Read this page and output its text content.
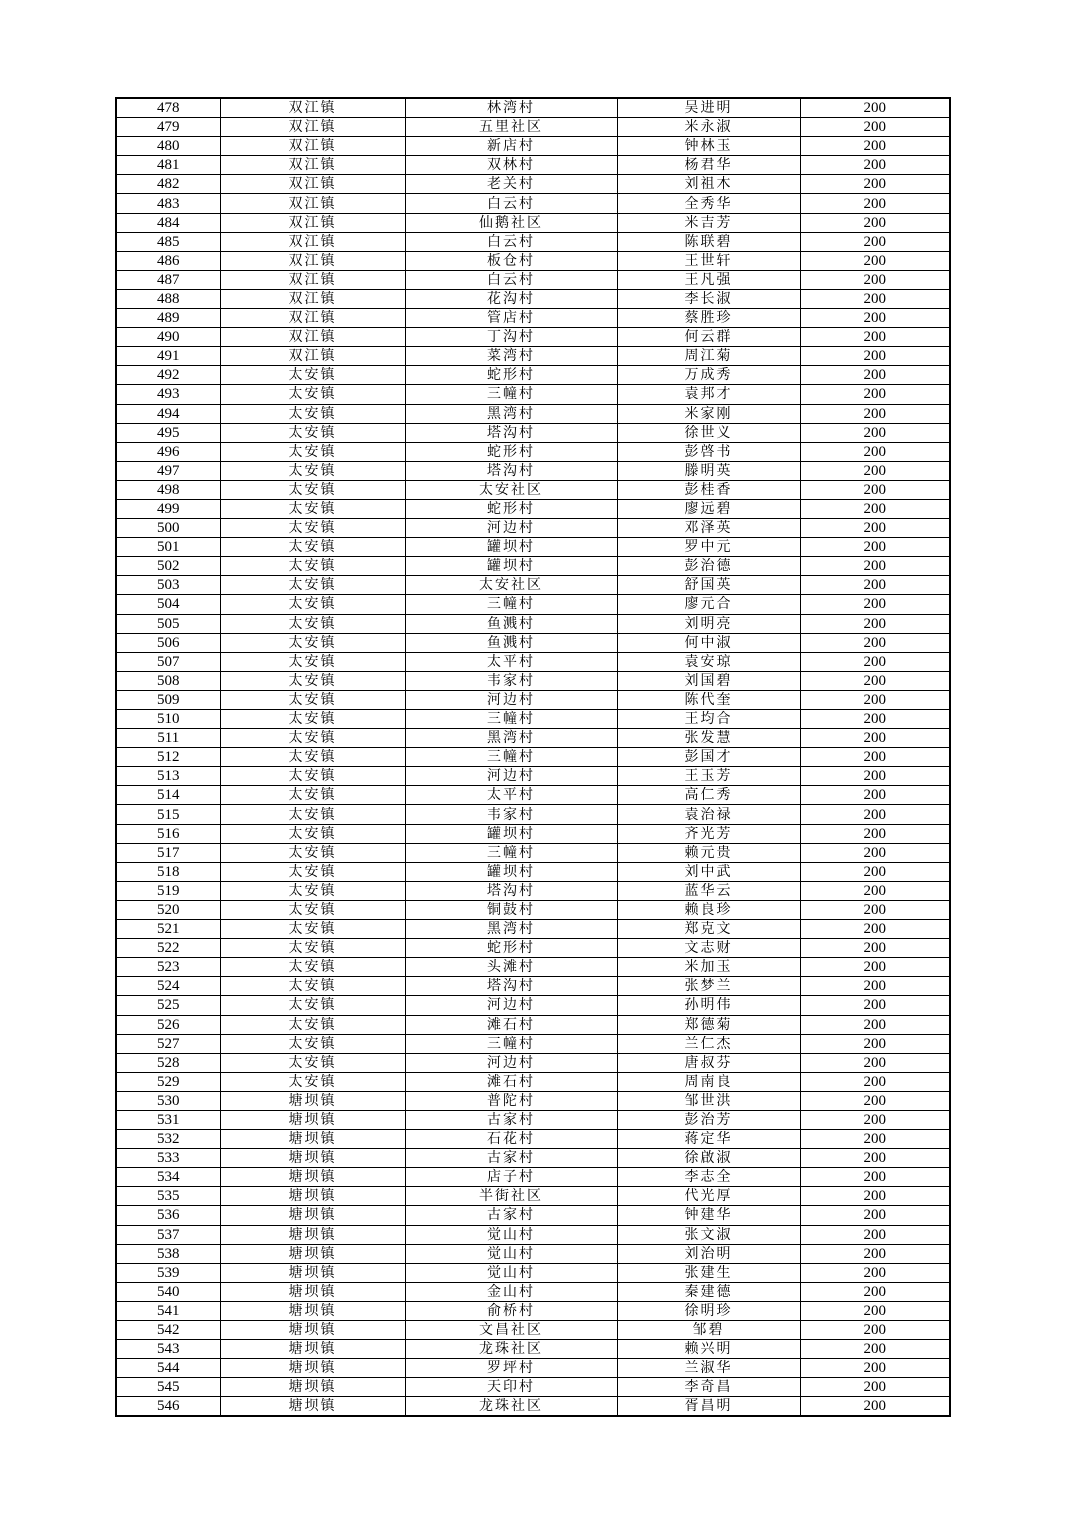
478	双江镇	林湾村	吴进明	200
479	双江镇	五里社区	米永淑	200
480	双江镇	新店村	钟林玉	200
481	双江镇	双林村	杨君华	200
482	双江镇	老关村	刘祖木	200
483	双江镇	白云村	全秀华	200
484	双江镇	仙鹅社区	米吉芳	200
485	双江镇	白云村	陈联碧	200
486	双江镇	板仓村	王世轩	200
487	双江镇	白云村	王凡强	200
488	双江镇	花沟村	李长淑	200
489	双江镇	管店村	蔡胜珍	200
490	双江镇	丁沟村	何云群	200
491	双江镇	菜湾村	周江菊	200
492	太安镇	蛇形村	万成秀	200
493	太安镇	三幢村	袁邦才	200
494	太安镇	黑湾村	米家刚	200
495	太安镇	塔沟村	徐世义	200
496	太安镇	蛇形村	彭啓书	200
497	太安镇	塔沟村	滕明英	200
498	太安镇	太安社区	彭桂香	200
499	太安镇	蛇形村	廖远碧	200
500	太安镇	河边村	邓泽英	200
501	太安镇	罐坝村	罗中元	200
502	太安镇	罐坝村	彭治德	200
503	太安镇	太安社区	舒国英	200
504	太安镇	三幢村	廖元合	200
505	太安镇	鱼溅村	刘明亮	200
506	太安镇	鱼溅村	何中淑	200
507	太安镇	太平村	袁安琼	200
508	太安镇	韦家村	刘国碧	200
509	太安镇	河边村	陈代奎	200
510	太安镇	三幢村	王均合	200
511	太安镇	黑湾村	张发慧	200
512	太安镇	三幢村	彭国才	200
513	太安镇	河边村	王玉芳	200
514	太安镇	太平村	高仁秀	200
515	太安镇	韦家村	袁治禄	200
516	太安镇	罐坝村	齐光芳	200
517	太安镇	三幢村	赖元贵	200
518	太安镇	罐坝村	刘中武	200
519	太安镇	塔沟村	蓝华云	200
520	太安镇	铜鼓村	赖良珍	200
521	太安镇	黑湾村	郑克文	200
522	太安镇	蛇形村	文志财	200
523	太安镇	头滩村	米加玉	200
524	太安镇	塔沟村	张梦兰	200
525	太安镇	河边村	孙明伟	200
526	太安镇	滩石村	郑德菊	200
527	太安镇	三幢村	兰仁杰	200
528	太安镇	河边村	唐叔芬	200
529	太安镇	滩石村	周南良	200
530	塘坝镇	普陀村	邹世洪	200
531	塘坝镇	古家村	彭治芳	200
532	塘坝镇	石花村	蒋定华	200
533	塘坝镇	古家村	徐啟淑	200
534	塘坝镇	店子村	李志全	200
535	塘坝镇	半街社区	代光厚	200
536	塘坝镇	古家村	钟建华	200
537	塘坝镇	觉山村	张文淑	200
538	塘坝镇	觉山村	刘治明	200
539	塘坝镇	觉山村	张建生	200
540	塘坝镇	金山村	秦建德	200
541	塘坝镇	俞桥村	徐明珍	200
542	塘坝镇	文昌社区	邹碧	200
543	塘坝镇	龙珠社区	赖兴明	200
544	塘坝镇	罗坪村	兰淑华	200
545	塘坝镇	天印村	李奇昌	200
546	塘坝镇	龙珠社区	胥昌明	200
